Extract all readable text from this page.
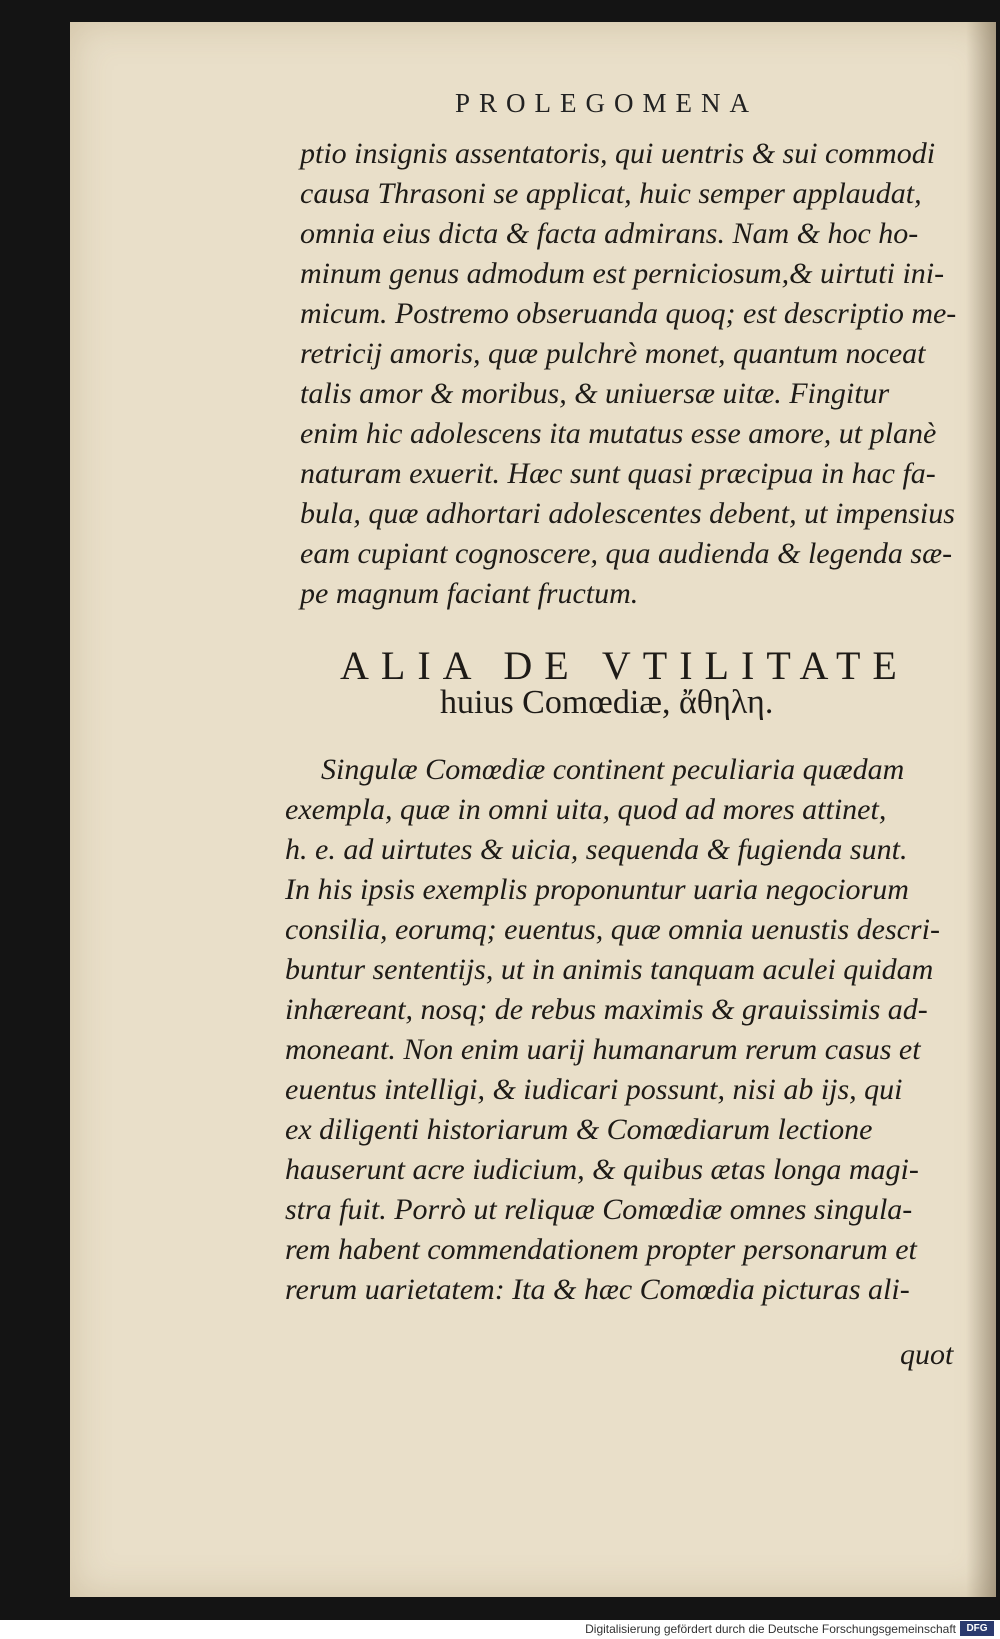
PROLEGOMENA
ptio insignis assentatoris, qui uentris & sui commodi
causa Thrasoni se applicat, huic semper applaudat,
omnia eius dicta & facta admirans. Nam & hoc ho-
minum genus admodum est perniciosum,& uirtuti ini-
micum. Postremo obseruanda quoq; est descriptio me-
retricij amoris, quæ pulchrè monet, quantum noceat
talis amor & moribus, & uniuersæ uitæ. Fingitur
enim hic adolescens ita mutatus esse amore, ut planè
naturam exuerit. Hæc sunt quasi præcipua in hac fa-
bula, quæ adhortari adolescentes debent, ut impensius
eam cupiant cognoscere, qua audienda & legenda sæ-
pe magnum faciant fructum.
ALIA DE VTILITATE
huius Comœdiæ, ἄθηλη.
Singulæ Comœdiæ continent peculiaria quædam
exempla, quæ in omni uita, quod ad mores attinet,
h. e. ad uirtutes & uicia, sequenda & fugienda sunt.
In his ipsis exemplis proponuntur uaria negociorum
consilia, eorumq; euentus, quæ omnia uenustis descri-
buntur sententijs, ut in animis tanquam aculei quidam
inhæreant, nosq; de rebus maximis & grauissimis ad-
moneant. Non enim uarij humanarum rerum casus et
euentus intelligi, & iudicari possunt, nisi ab ijs, qui
ex diligenti historiarum & Comœdiarum lectione
hauserunt acre iudicium, & quibus ætas longa magi-
stra fuit. Porrò ut reliquæ Comœdiæ omnes singula-
rem habent commendationem propter personarum et
rerum uarietatem: Ita & hæc Comœdia picturas ali-
quot
Digitalisierung gefördert durch die Deutsche Forschungsgemeinschaft	DFG
